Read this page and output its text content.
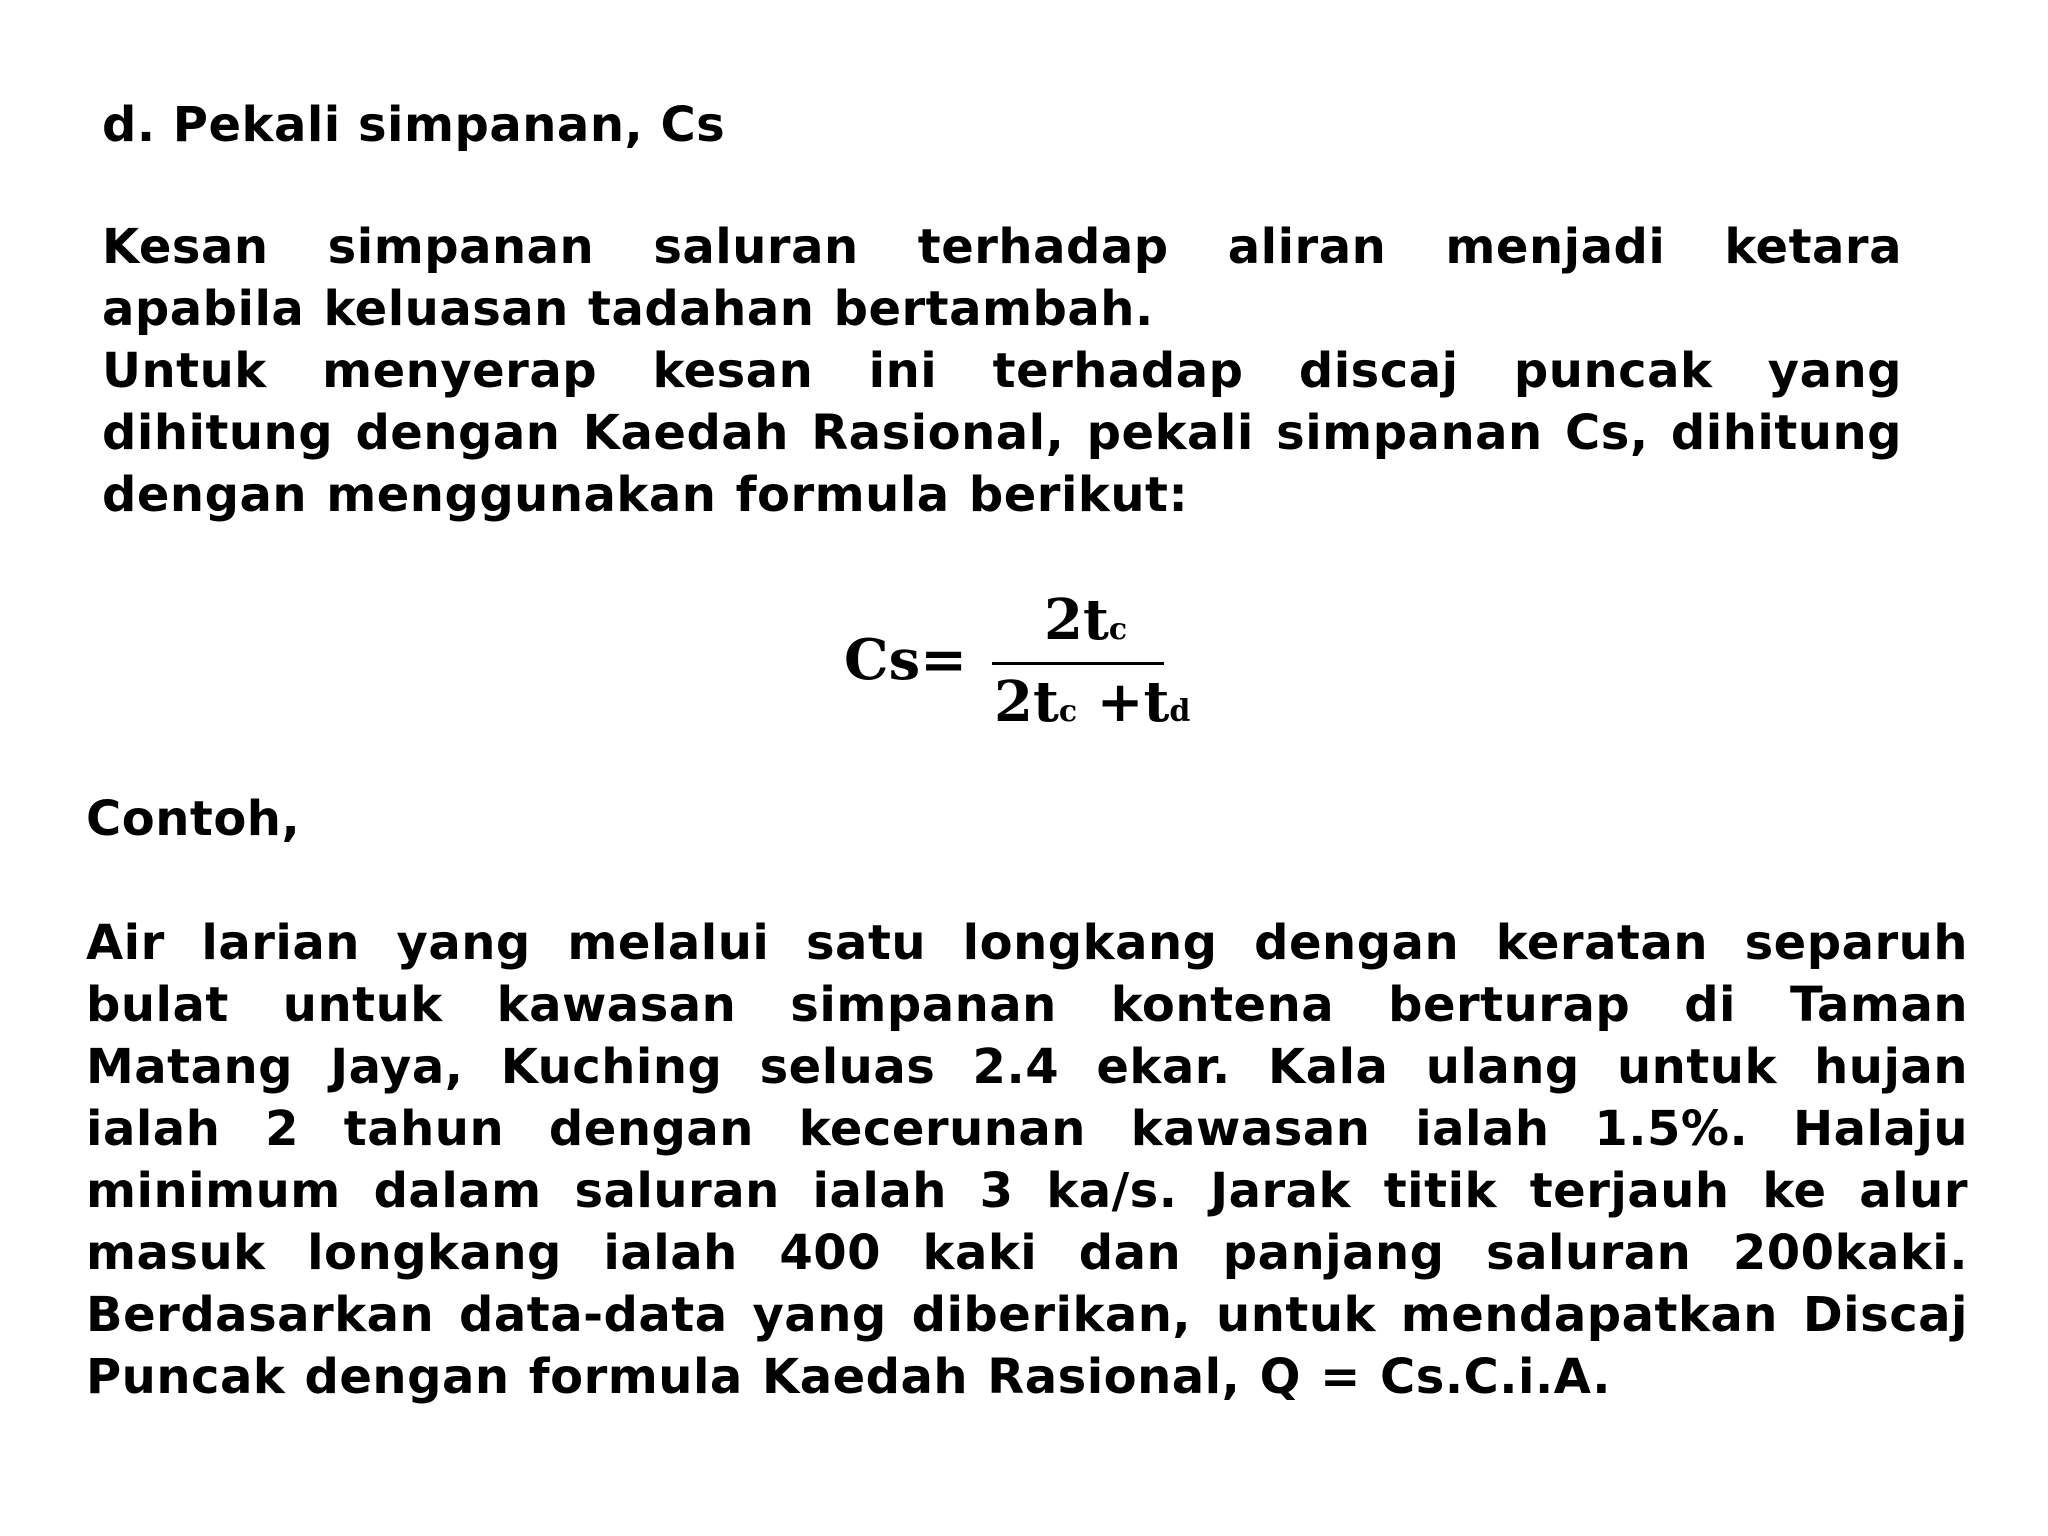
d. Pekali simpanan, Cs
Kesan simpanan saluran terhadap aliran menjadi ketara
apabila keluasan tadahan bertambah.
Untuk menyerap kesan ini terhadap discaj puncak yang
dihitung dengan Kaedah Rasional, pekali simpanan Cs, dihitung
dengan menggunakan formula berikut:
Cs=
2tc
2tc +td
Contoh,
Air larian yang melalui satu longkang dengan keratan separuh
bulat untuk kawasan simpanan kontena berturap di Taman
Matang Jaya, Kuching seluas 2.4 ekar. Kala ulang untuk hujan
ialah 2 tahun dengan kecerunan kawasan ialah 1.5%. Halaju
minimum dalam saluran ialah 3 ka/s. Jarak titik terjauh ke alur
masuk longkang ialah 400 kaki dan panjang saluran 200kaki.
Berdasarkan data-data yang diberikan, untuk mendapatkan Discaj
Puncak dengan formula Kaedah Rasional, Q = Cs.C.i.A.
